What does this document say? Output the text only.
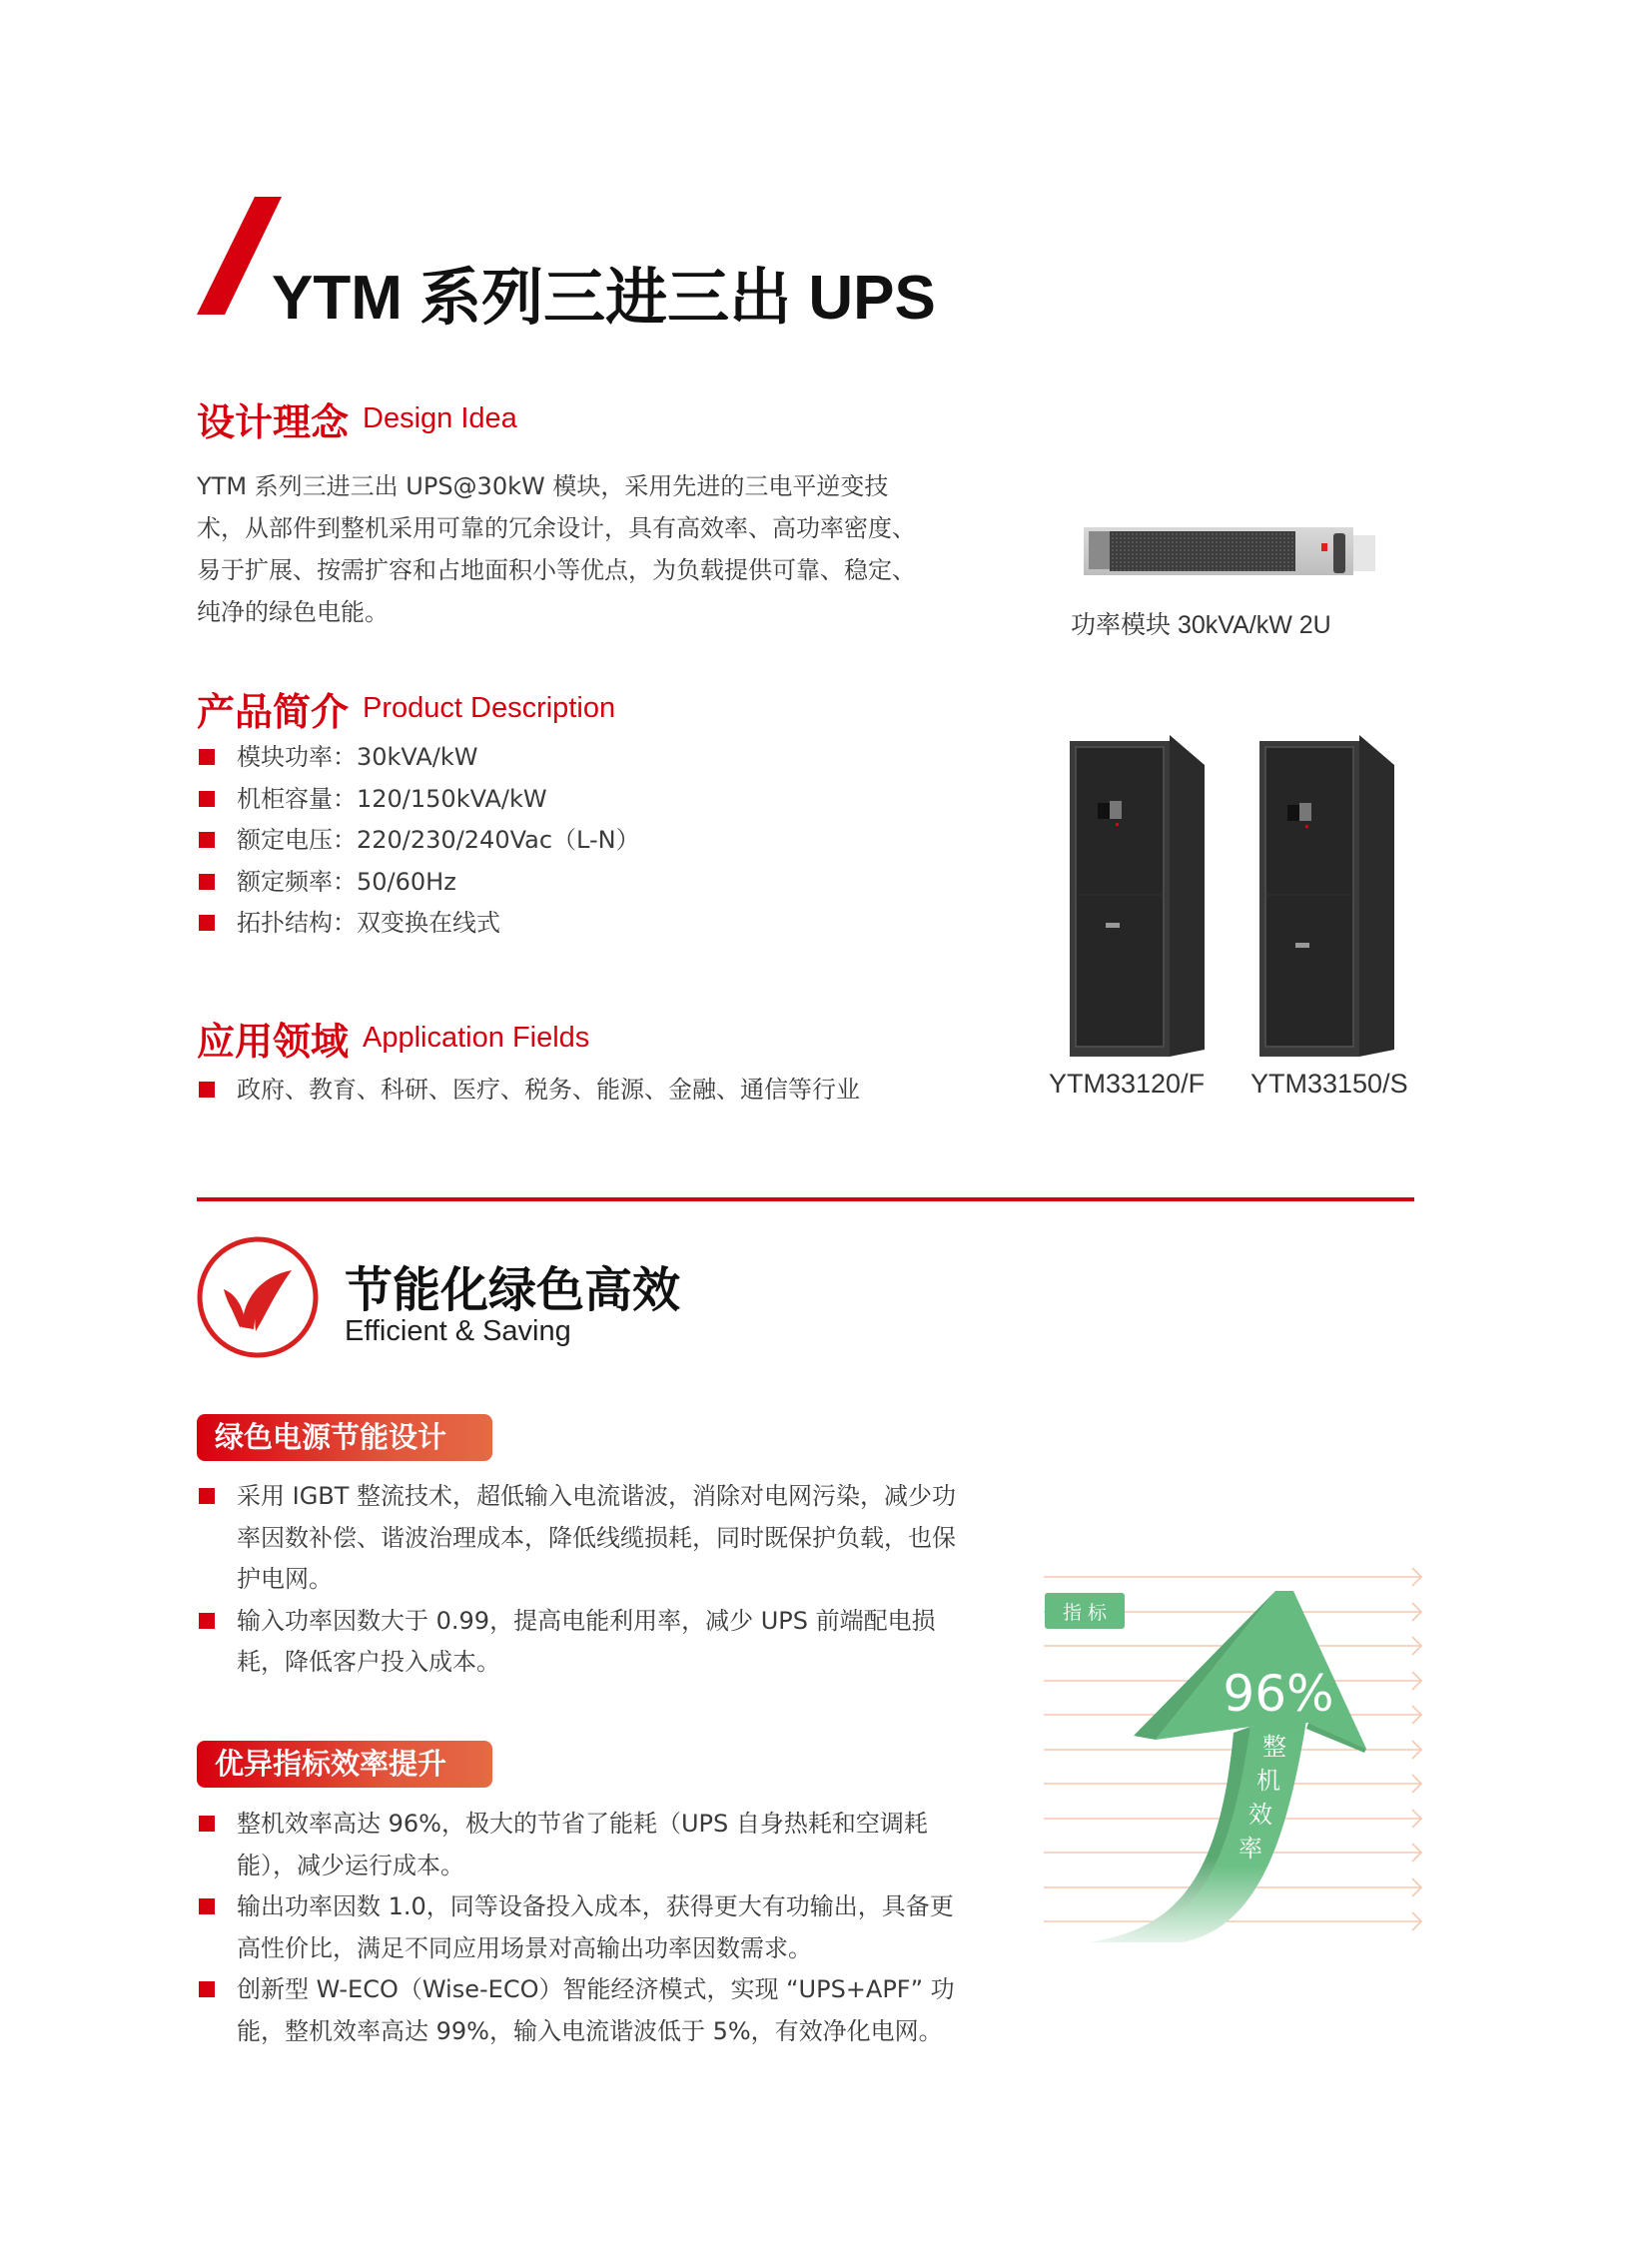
YTM 系列三进三出 UPS
设计理念 Design Idea
YTM 系列三进三出 UPS@30kW 模块，采用先进的三电平逆变技
术，从部件到整机采用可靠的冗余设计，具有高效率、高功率密度、
易于扩展、按需扩容和占地面积小等优点，为负载提供可靠、稳定、
纯净的绿色电能。	功率模块 30kVA/kW 2U
产品简介 Product Description
模块功率：30kVA/kW
机柜容量：120/150kVA/kW
额定电压：220/230/240Vac（L-N）
额定频率：50/60Hz
拓扑结构：双变换在线式
YTM33120/F YTM33150/S
应用领域 Application Fields
政府、教育、科研、医疗、税务、能源、金融、通信等行业
节能化绿色高效
Efficient & Saving
绿色电源节能设计
采用 IGBT 整流技术，超低输入电流谐波，消除对电网污染，减少功率因数补偿、谐波治理成本，降低线缆损耗，同时既保护负载，也保护电网。
输入功率因数大于 0.99，提高电能利用率，减少 UPS 前端配电损耗，降低客户投入成本。
优异指标效率提升
整机效率高达 96%，极大的节省了能耗（UPS 自身热耗和空调耗能），减少运行成本。
输出功率因数 1.0，同等设备投入成本，获得更大有功输出，具备更高性价比，满足不同应用场景对高输出功率因数需求。
创新型 W-ECO（Wise-ECO）智能经济模式，实现 “UPS+APF” 功能，整机效率高达 99%，输入电流谐波低于 5%，有效净化电网。
指 标
96%
整
机
效
率
